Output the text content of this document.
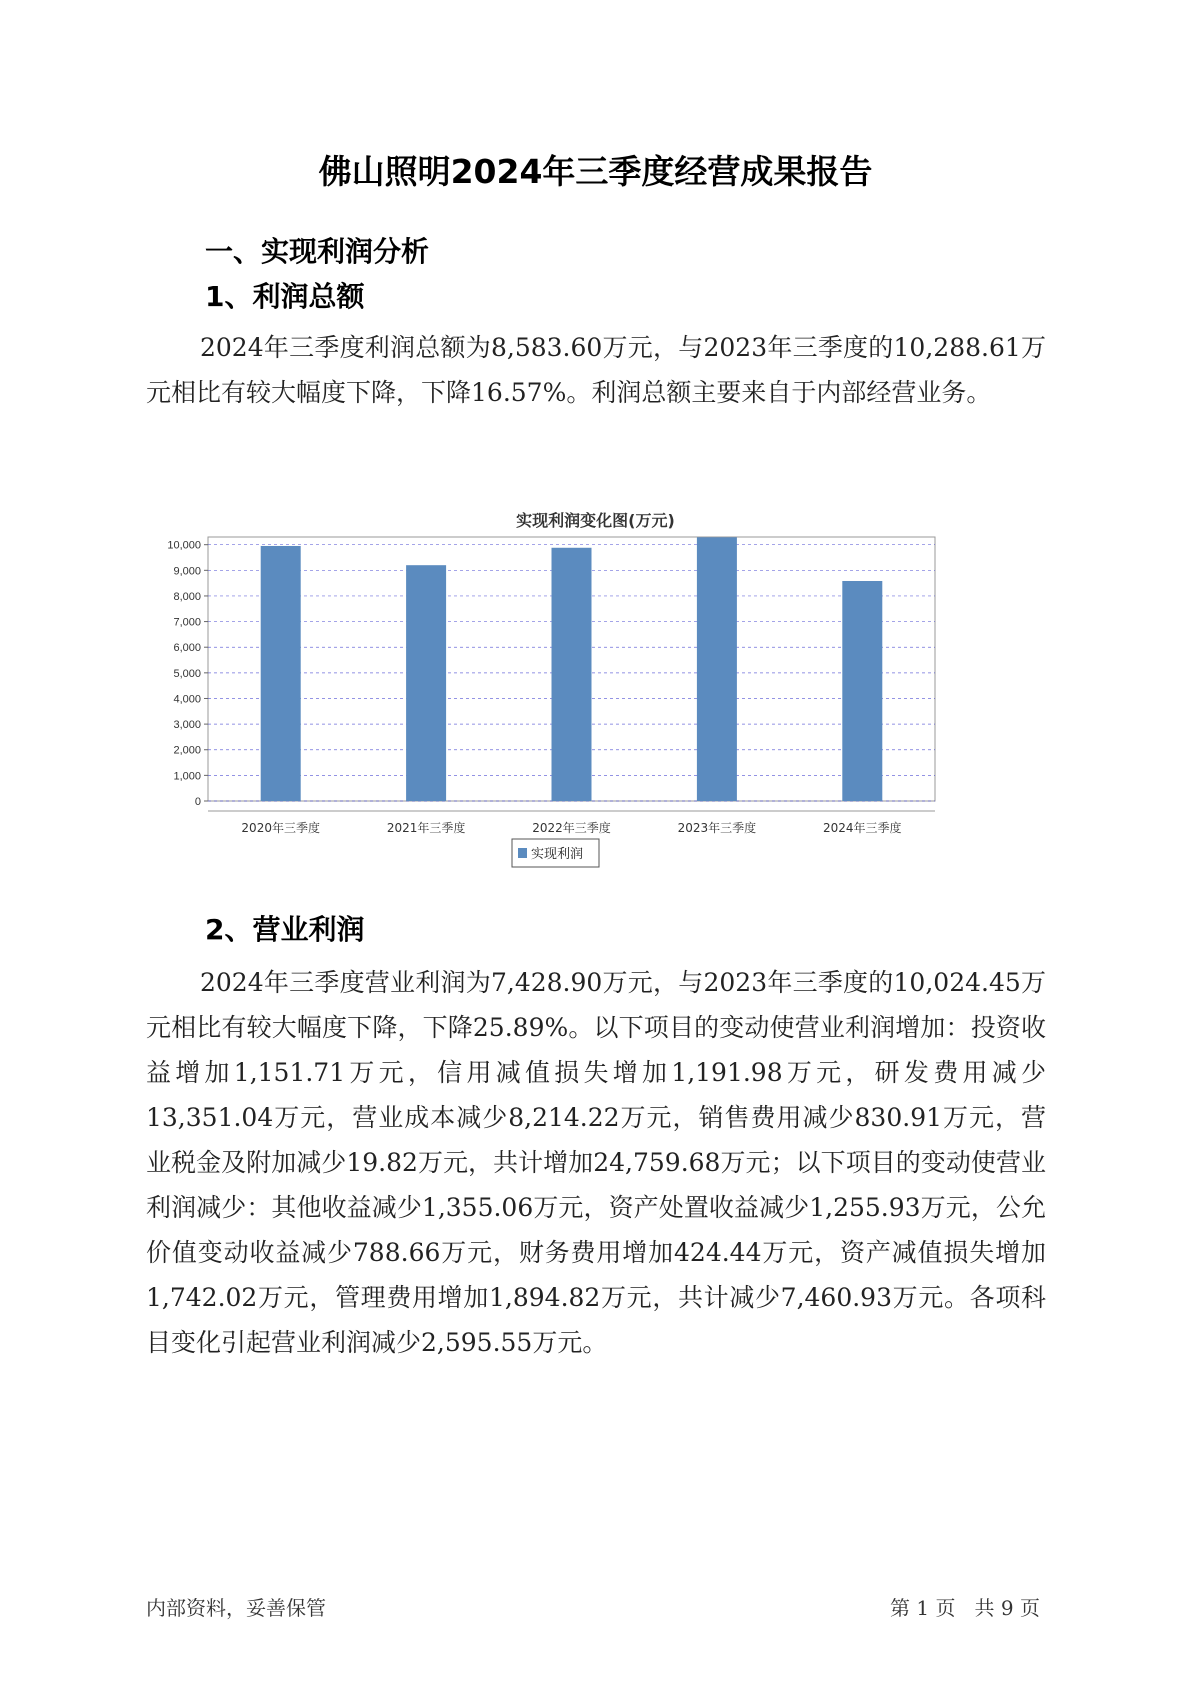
佛山照明2024年三季度经营成果报告
一、实现利润分析
1、利润总额
2024年三季度利润总额为8,583.60万元，与2023年三季度的10,288.61万元相比有较大幅度下降，下降16.57%。利润总额主要来自于内部经营业务。
实现利润变化图(万元)
0
1,000
2,000
3,000
4,000
5,000
6,000
7,000
8,000
9,000
10,000
2020年三季度	2021年三季度	2022年三季度	2023年三季度	2024年三季度
实现利润
2、营业利润
2024年三季度营业利润为7,428.90万元，与2023年三季度的10,024.45万元相比有较大幅度下降，下降25.89%。以下项目的变动使营业利润增加：投资收益增加1,151.71万元，信用减值损失增加1,191.98万元，研发费用减少13,351.04万元，营业成本减少8,214.22万元，销售费用减少830.91万元，营业税金及附加减少19.82万元，共计增加24,759.68万元；以下项目的变动使营业利润减少：其他收益减少1,355.06万元，资产处置收益减少1,255.93万元，公允价值变动收益减少788.66万元，财务费用增加424.44万元，资产减值损失增加1,742.02万元，管理费用增加1,894.82万元，共计减少7,460.93万元。各项科目变化引起营业利润减少2,595.55万元。
内部资料，妥善保管	第 1 页   共 9 页
